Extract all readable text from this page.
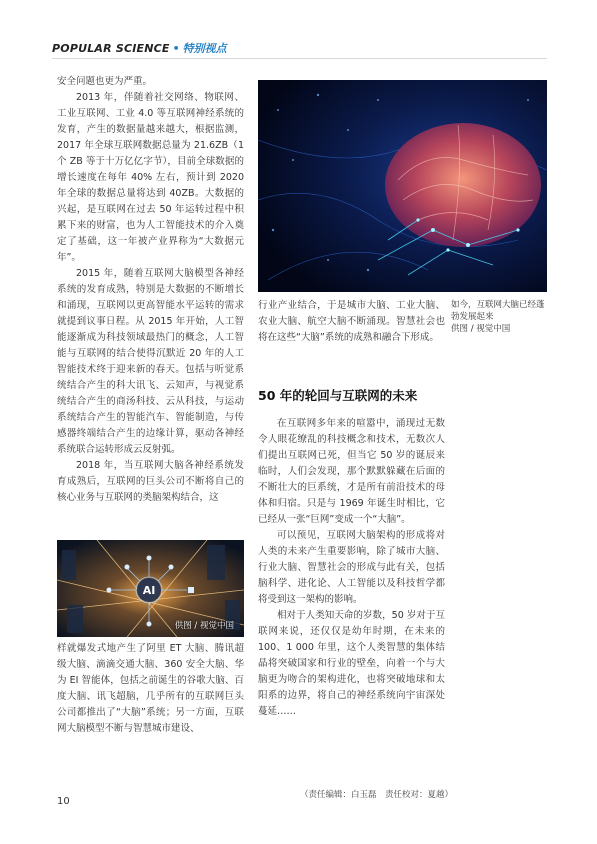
POPULAR SCIENCE • 特别视点

安全问题也更为严重。

2013 年，伴随着社交网络、物联网、工业互联网、工业 4.0 等互联网神经系统的发育，产生的数据量越来越大，根据监测，2017 年全球互联网数据总量为 21.6ZB（1 个 ZB 等于十万亿亿字节），目前全球数据的增长速度在每年 40% 左右，预计到 2020 年全球的数据总量将达到 40ZB。大数据的兴起，是互联网在过去 50 年运转过程中积累下来的财富，也为人工智能技术的介入奠定了基础，这一年被产业界称为“大数据元年”。

2015 年，随着互联网大脑模型各神经系统的发育成熟，特别是大数据的不断增长和涌现，互联网以更高智能水平运转的需求就提到议事日程。从 2015 年开始，人工智能逐渐成为科技领域最热门的概念，人工智能与互联网的结合使得沉默近 20 年的人工智能技术终于迎来新的春天。包括与听觉系统结合产生的科大讯飞、云知声，与视觉系统结合产生的商汤科技、云从科技，与运动系统结合产生的智能汽车、智能制造，与传感器终端结合产生的边缘计算，驱动各神经系统联合运转形成云反射弧。

2018 年，当互联网大脑各神经系统发育成熟后，互联网的巨头公司不断将自己的核心业务与互联网的类脑架构结合，这

AI
供图 / 视觉中国

样就爆发式地产生了阿里 ET 大脑、腾讯超级大脑、滴滴交通大脑、360 安全大脑、华为 EI 智能体，包括之前诞生的谷歌大脑、百度大脑、讯飞超脑，几乎所有的互联网巨头公司都推出了“大脑”系统；另一方面，互联网大脑模型不断与智慧城市建设、

行业产业结合，于是城市大脑、工业大脑、农业大脑、航空大脑不断涌现。智慧社会也将在这些“大脑”系统的成熟和融合下形成。

如今，互联网大脑已经蓬勃发展起来
供图 / 视觉中国
50 年的轮回与互联网的未来

在互联网多年来的喧嚣中，涌现过无数令人眼花缭乱的科技概念和技术，无数次人们提出互联网已死，但当它 50 岁的诞辰来临时，人们会发现，那个默默躲藏在后面的不断壮大的巨系统，才是所有前沿技术的母体和归宿。只是与 1969 年诞生时相比，它已经从一张“巨网”变成一个“大脑”。

可以预见，互联网大脑架构的形成将对人类的未来产生重要影响，除了城市大脑、行业大脑、智慧社会的形成与此有关，包括脑科学、进化论、人工智能以及科技哲学都将受到这一架构的影响。

相对于人类知天命的岁数，50 岁对于互联网来说，还仅仅是幼年时期，在未来的 100、1 000 年里，这个人类智慧的集体结晶将突破国家和行业的壁垒，向着一个与大脑更为吻合的架构进化，也将突破地球和太阳系的边界，将自己的神经系统向宇宙深处蔓延……

（责任编辑：白玉磊　责任校对：夏越）
10
